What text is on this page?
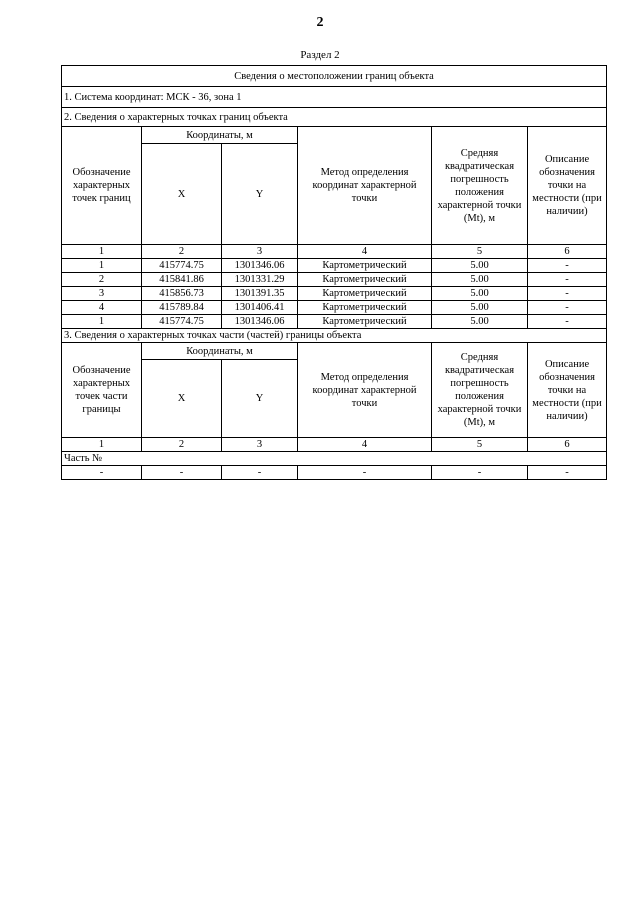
2
Раздел 2
Сведения о местоположении границ объекта					
1. Система координат: МСК - 36, зона 1					
2. Сведения о характерных точках границ объекта					
Обозначение характерных точек границ	Координаты, м		Метод определения координат характерной точки	Средняя квадратическая погрешность положения характерной точки (Mt), м	Описание обозначения точки на местности (при наличии)
	X	Y			
1	2	3	4	5	6
1	415774.75	1301346.06	Картометрический	5.00	-
2	415841.86	1301331.29	Картометрический	5.00	-
3	415856.73	1301391.35	Картометрический	5.00	-
4	415789.84	1301406.41	Картометрический	5.00	-
1	415774.75	1301346.06	Картометрический	5.00	-
3. Сведения о характерных точках части (частей) границы объекта					
Обозначение характерных точек части границы	Координаты, м		Метод определения координат характерной точки	Средняя квадратическая погрешность положения характерной точки (Mt), м	Описание обозначения точки на местности (при наличии)
	X	Y			
1	2	3	4	5	6
Часть №					
-	-	-	-	-	-
